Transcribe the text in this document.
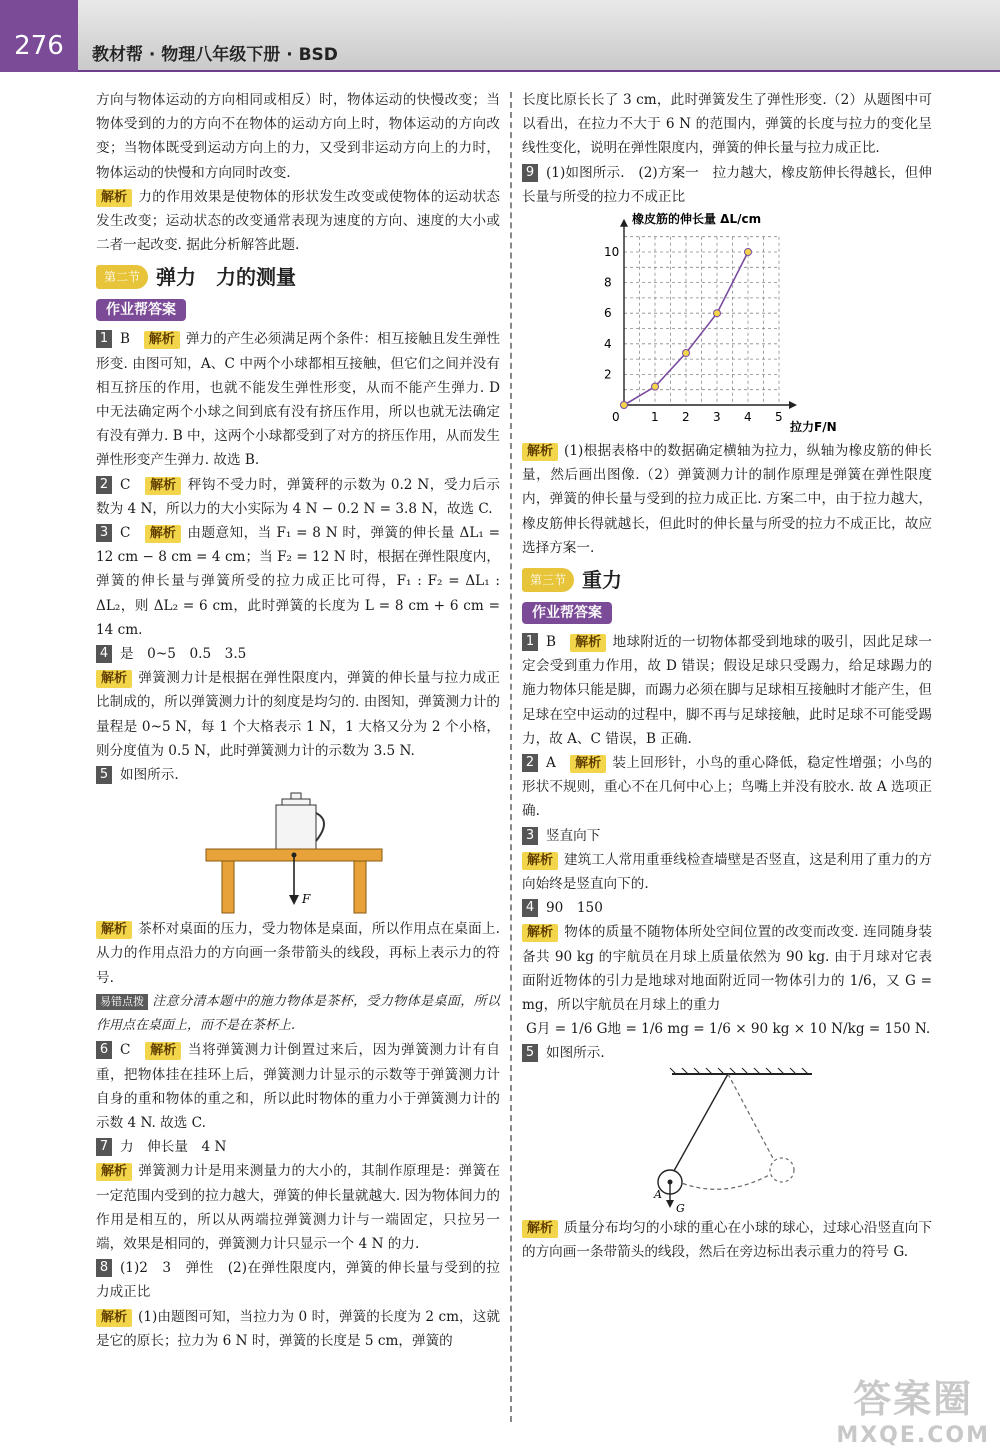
276	教材帮 · 物理八年级下册 · BSD

方向与物体运动的方向相同或相反）时，物体运动的快慢改变；当物体受到的力的方向不在物体的运动方向上时，物体运动的方向改变；当物体既受到运动方向上的力，又受到非运动方向上的力时，物体运动的快慢和方向同时改变.

解析 力的作用效果是使物体的形状发生改变或使物体的运动状态发生改变；运动状态的改变通常表现为速度的方向、速度的大小或二者一起改变. 据此分析解答此题.

第二节 弹力　力的测量
作业帮答案

1 B　 解析 弹力的产生必须满足两个条件：相互接触且发生弹性形变. 由图可知，A、C 中两个小球都相互接触，但它们之间并没有相互挤压的作用，也就不能发生弹性形变，从而不能产生弹力. D 中无法确定两个小球之间到底有没有挤压作用，所以也就无法确定有没有弹力. B 中，这两个小球都受到了对方的挤压作用，从而发生弹性形变产生弹力. 故选 B.

2 C　 解析 秤钩不受力时，弹簧秤的示数为 0.2 N，受力后示数为 4 N，所以力的大小实际为 4 N − 0.2 N = 3.8 N，故选 C.

3 C　 解析 由题意知，当 F₁ = 8 N 时，弹簧的伸长量 ΔL₁ = 12 cm − 8 cm = 4 cm；当 F₂ = 12 N 时，根据在弹性限度内，弹簧的伸长量与弹簧所受的拉力成正比可得，F₁ : F₂ = ΔL₁ : ΔL₂，则 ΔL₂ = 6 cm，此时弹簧的长度为 L = 8 cm + 6 cm = 14 cm.

4 是　0~5　0.5　3.5

解析 弹簧测力计是根据在弹性限度内，弹簧的伸长量与拉力成正比制成的，所以弹簧测力计的刻度是均匀的. 由图知，弹簧测力计的量程是 0~5 N，每 1 个大格表示 1 N，1 大格又分为 2 个小格，则分度值为 0.5 N，此时弹簧测力计的示数为 3.5 N.

5 如图所示.

F

解析 茶杯对桌面的压力，受力物体是桌面，所以作用点在桌面上. 从力的作用点沿力的方向画一条带箭头的线段，再标上表示力的符号.

易错点拨 注意分清本题中的施力物体是茶杯，受力物体是桌面，所以作用点在桌面上，而不是在茶杯上.

6 C　 解析 当将弹簧测力计倒置过来后，因为弹簧测力计有自重，把物体挂在挂环上后，弹簧测力计显示的示数等于弹簧测力计自身的重和物体的重之和，所以此时物体的重力小于弹簧测力计的示数 4 N. 故选 C.

7 力　伸长量　4 N

解析 弹簧测力计是用来测量力的大小的，其制作原理是：弹簧在一定范围内受到的拉力越大，弹簧的伸长量就越大. 因为物体间力的作用是相互的，所以从两端拉弹簧测力计与一端固定，只拉另一端，效果是相同的，弹簧测力计只显示一个 4 N 的力.

8 (1)2　3　弹性　(2)在弹性限度内，弹簧的伸长量与受到的拉力成正比

解析 (1)由题图可知，当拉力为 0 时，弹簧的长度为 2 cm，这就是它的原长；拉力为 6 N 时，弹簧的长度是 5 cm，弹簧的

长度比原长长了 3 cm，此时弹簧发生了弹性形变.（2）从题图中可以看出，在拉力不大于 6 N 的范围内，弹簧的长度与拉力的变化呈线性变化，说明在弹性限度内，弹簧的伸长量与拉力成正比.

9 (1)如图所示.　(2)方案一　拉力越大，橡皮筋伸长得越长，但伸长量与所受的拉力不成正比

0	1 2 3 4 5
2
4
6
8
10
橡皮筋的伸长量 ΔL/cm
拉力F/N

解析 (1)根据表格中的数据确定横轴为拉力，纵轴为橡皮筋的伸长量，然后画出图像.（2）弹簧测力计的制作原理是弹簧在弹性限度内，弹簧的伸长量与受到的拉力成正比. 方案二中，由于拉力越大，橡皮筋伸长得就越长，但此时的伸长量与所受的拉力不成正比，故应选择方案一.

第三节 重力
作业帮答案

1 B　 解析 地球附近的一切物体都受到地球的吸引，因此足球一定会受到重力作用，故 D 错误；假设足球只受踢力，给足球踢力的施力物体只能是脚，而踢力必须在脚与足球相互接触时才能产生，但足球在空中运动的过程中，脚不再与足球接触，此时足球不可能受踢力，故 A、C 错误，B 正确.

2 A　 解析 装上回形针，小鸟的重心降低，稳定性增强；小鸟的形状不规则，重心不在几何中心上；鸟嘴上并没有胶水. 故 A 选项正确.

3 竖直向下

解析 建筑工人常用重垂线检查墙壁是否竖直，这是利用了重力的方向始终是竖直向下的.

4 90　150

解析 物体的质量不随物体所处空间位置的改变而改变. 连同随身装备共 90 kg 的宇航员在月球上质量依然为 90 kg. 由于月球对它表面附近物体的引力是地球对地面附近同一物体引力的 1/6，又 G = mg，所以宇航员在月球上的重力

G月 = 1/6 G地 = 1/6 mg = 1/6 × 90 kg × 10 N/kg = 150 N.

5 如图所示.

A
G

解析 质量分布均匀的小球的重心在小球的球心，过球心沿竖直向下的方向画一条带箭头的线段，然后在旁边标出表示重力的符号 G.

答案圈
MXQE.COM
